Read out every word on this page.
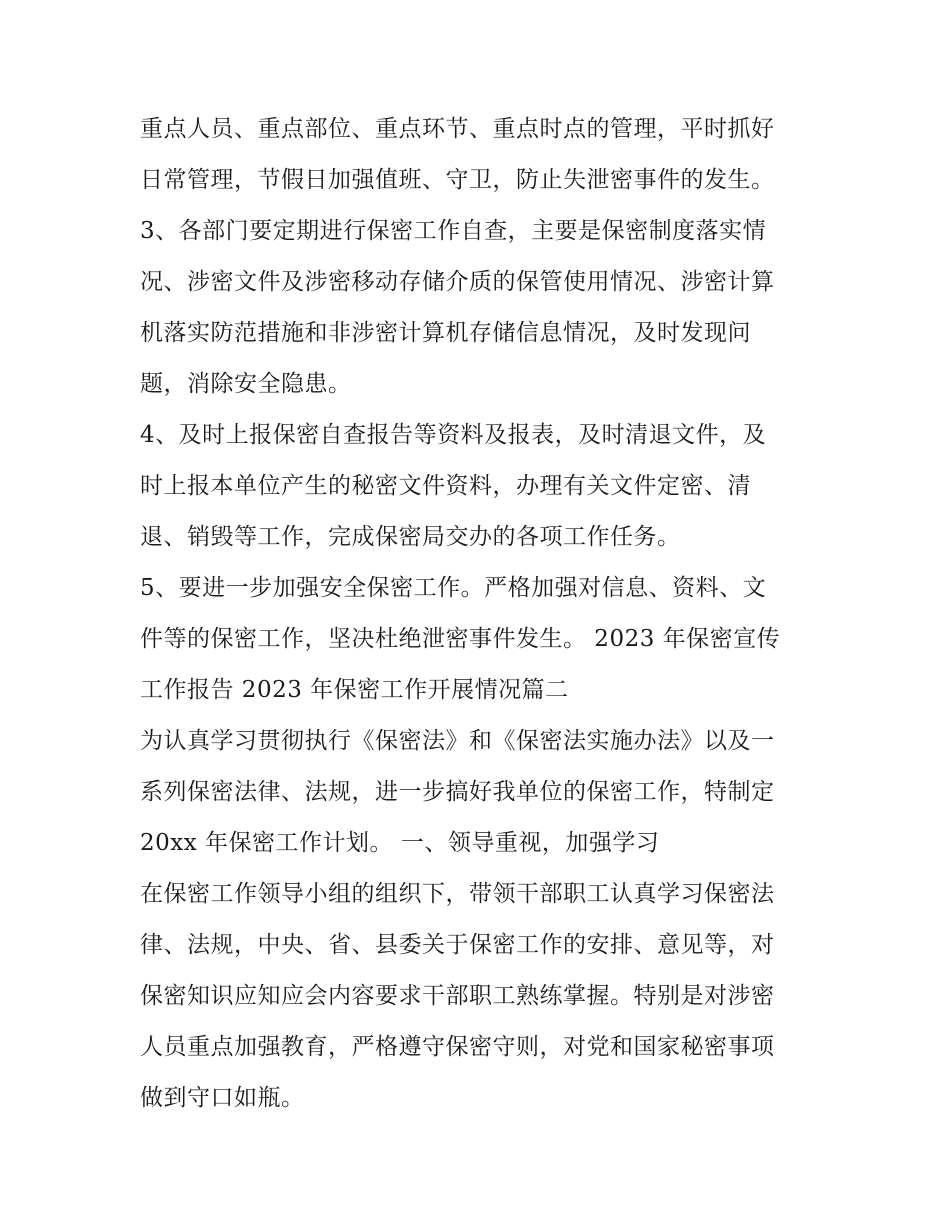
重点人员、重点部位、重点环节、重点时点的管理，平时抓好
日常管理，节假日加强值班、守卫，防止失泄密事件的发生。
3、各部门要定期进行保密工作自查，主要是保密制度落实情
况、涉密文件及涉密移动存储介质的保管使用情况、涉密计算
机落实防范措施和非涉密计算机存储信息情况，及时发现问
题，消除安全隐患。
4、及时上报保密自查报告等资料及报表，及时清退文件，及
时上报本单位产生的秘密文件资料，办理有关文件定密、清
退、销毁等工作，完成保密局交办的各项工作任务。
5、要进一步加强安全保密工作。严格加强对信息、资料、文
件等的保密工作，坚决杜绝泄密事件发生。 2023 年保密宣传
工作报告 2023 年保密工作开展情况篇二
为认真学习贯彻执行《保密法》和《保密法实施办法》以及一
系列保密法律、法规，进一步搞好我单位的保密工作，特制定
20xx 年保密工作计划。 一、领导重视，加强学习
在保密工作领导小组的组织下，带领干部职工认真学习保密法
律、法规，中央、省、县委关于保密工作的安排、意见等，对
保密知识应知应会内容要求干部职工熟练掌握。特别是对涉密
人员重点加强教育，严格遵守保密守则，对党和国家秘密事项
做到守口如瓶。
